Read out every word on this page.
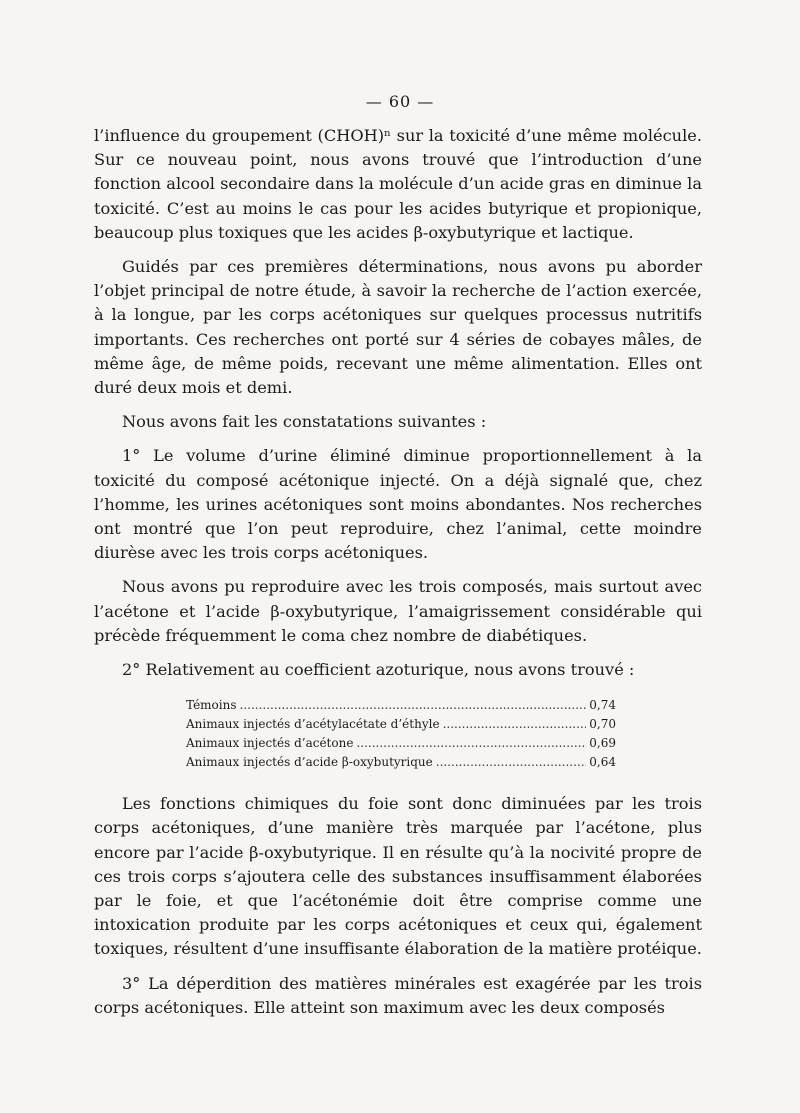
— 60 —

l’influence du groupement (CHOH)ⁿ sur la toxicité d’une même molécule. Sur ce nouveau point, nous avons trouvé que l’introduction d’une fonction alcool secondaire dans la molécule d’un acide gras en diminue la toxicité. C’est au moins le cas pour les acides butyrique et propionique, beaucoup plus toxiques que les acides β-oxybutyrique et lactique.

Guidés par ces premières déterminations, nous avons pu aborder l’objet principal de notre étude, à savoir la recherche de l’action exercée, à la longue, par les corps acétoniques sur quelques processus nutritifs importants. Ces recherches ont porté sur 4 séries de cobayes mâles, de même âge, de même poids, recevant une même alimentation. Elles ont duré deux mois et demi.

Nous avons fait les constatations suivantes :

1° Le volume d’urine éliminé diminue proportionnellement à la toxicité du composé acétonique injecté. On a déjà signalé que, chez l’homme, les urines acétoniques sont moins abondantes. Nos recherches ont montré que l’on peut reproduire, chez l’animal, cette moindre diurèse avec les trois corps acétoniques.

Nous avons pu reproduire avec les trois composés, mais surtout avec l’acétone et l’acide β-oxybutyrique, l’amaigrissement considérable qui précède fréquemment le coma chez nombre de diabétiques.

2° Relativement au coefficient azoturique, nous avons trouvé :

Témoins .....	0,74
Animaux injectés d’acétylacétate d’éthyle .....	0,70
Animaux injectés d’acétone .....	0,69
Animaux injectés d’acide β-oxybutyrique .....	0,64

Les fonctions chimiques du foie sont donc diminuées par les trois corps acétoniques, d’une manière très marquée par l’acétone, plus encore par l’acide β-oxybutyrique. Il en résulte qu’à la nocivité propre de ces trois corps s’ajoutera celle des substances insuffisamment élaborées par le foie, et que l’acétonémie doit être comprise comme une intoxication produite par les corps acétoniques et ceux qui, également toxiques, résultent d’une insuffisante élaboration de la matière protéique.

3° La déperdition des matières minérales est exagérée par les trois corps acétoniques. Elle atteint son maximum avec les deux composés
